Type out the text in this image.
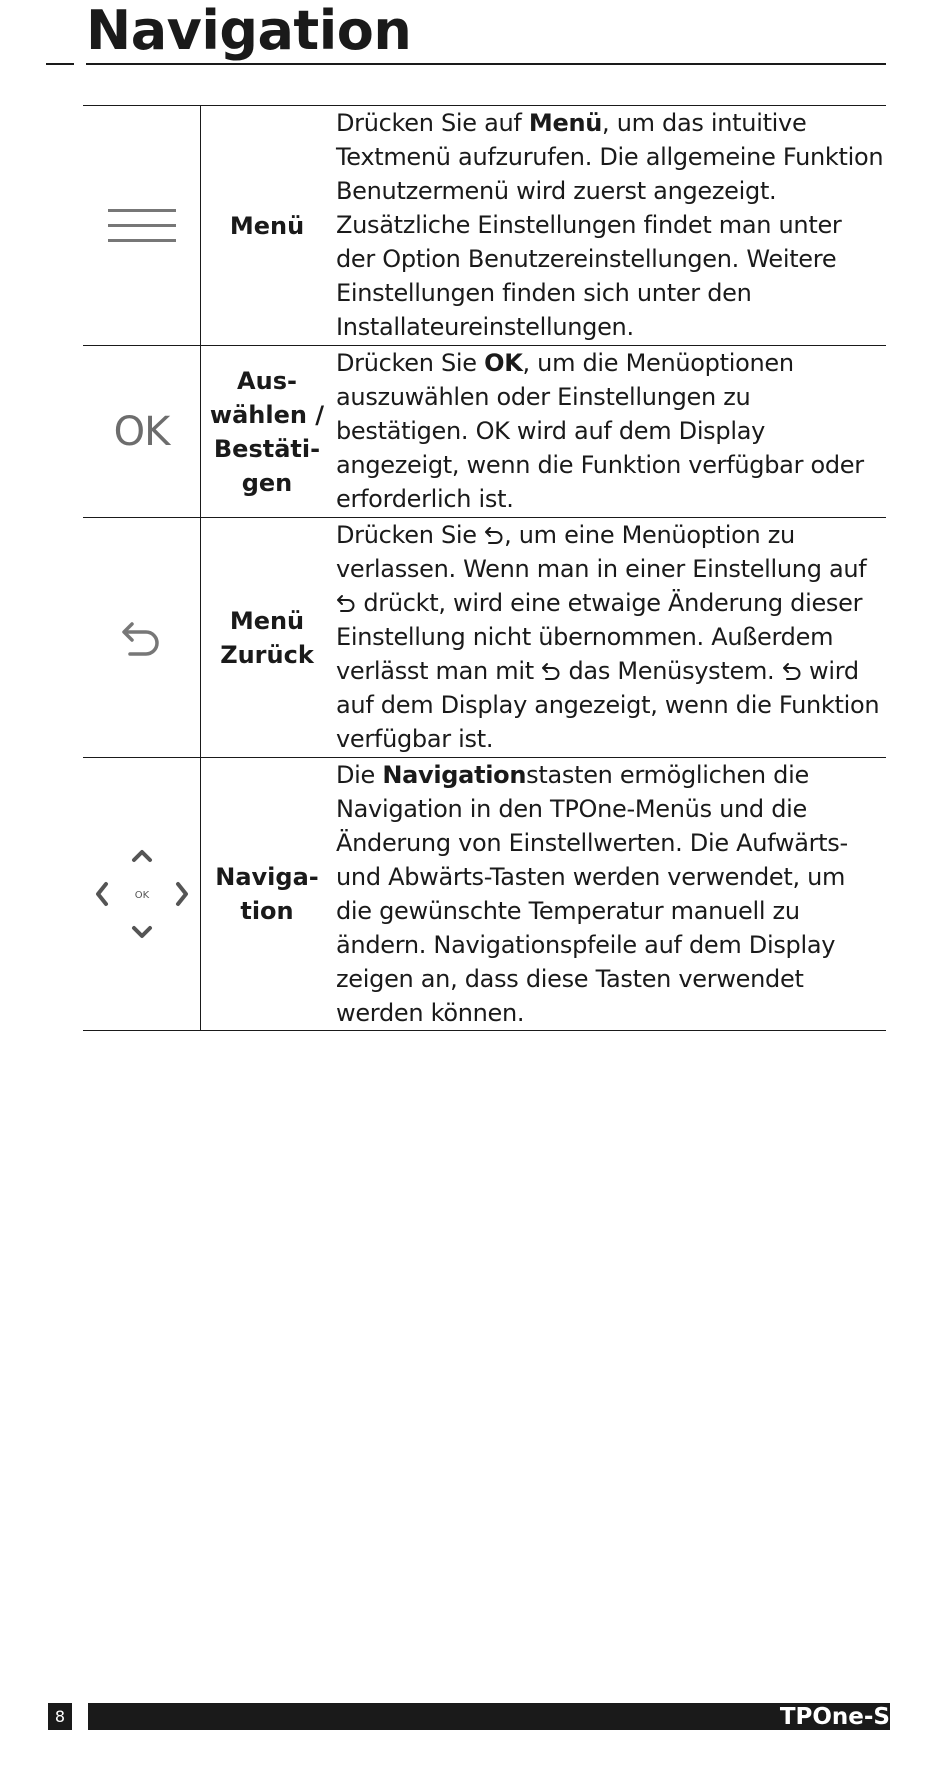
Navigation
Menü
Drücken Sie auf Menü, um das intuitive Textmenü aufzurufen. Die allgemeine Funktion Benutzermenü wird zuerst angezeigt. Zusätzliche Einstellungen findet man unter der Option Benutzereinstellungen. Weitere Einstellungen finden sich unter den Installateureinstellungen.
OK
Aus-
wählen /
Bestäti-
gen
Drücken Sie OK, um die Menüoptionen auszuwählen oder Einstellungen zu bestätigen. OK wird auf dem Display angezeigt, wenn die Funktion verfügbar oder erforderlich ist.
Menü
Zurück
Drücken Sie , um eine Menüoption zu verlassen. Wenn man in einer Einstellung auf  drückt, wird eine etwaige Änderung dieser Einstellung nicht übernommen. Außerdem verlässt man mit  das Menüsystem.  wird auf dem Display angezeigt, wenn die Funktion verfügbar ist.
OK
Naviga-
tion
Die Navigationstasten ermöglichen die Navigation in den TPOne-Menüs und die Änderung von Einstellwerten. Die Aufwärts- und Abwärts-Tasten werden verwendet, um die gewünschte Temperatur manuell zu ändern. Navigationspfeile auf dem Display zeigen an, dass diese Tasten verwendet werden können.
8	TPOne-S
